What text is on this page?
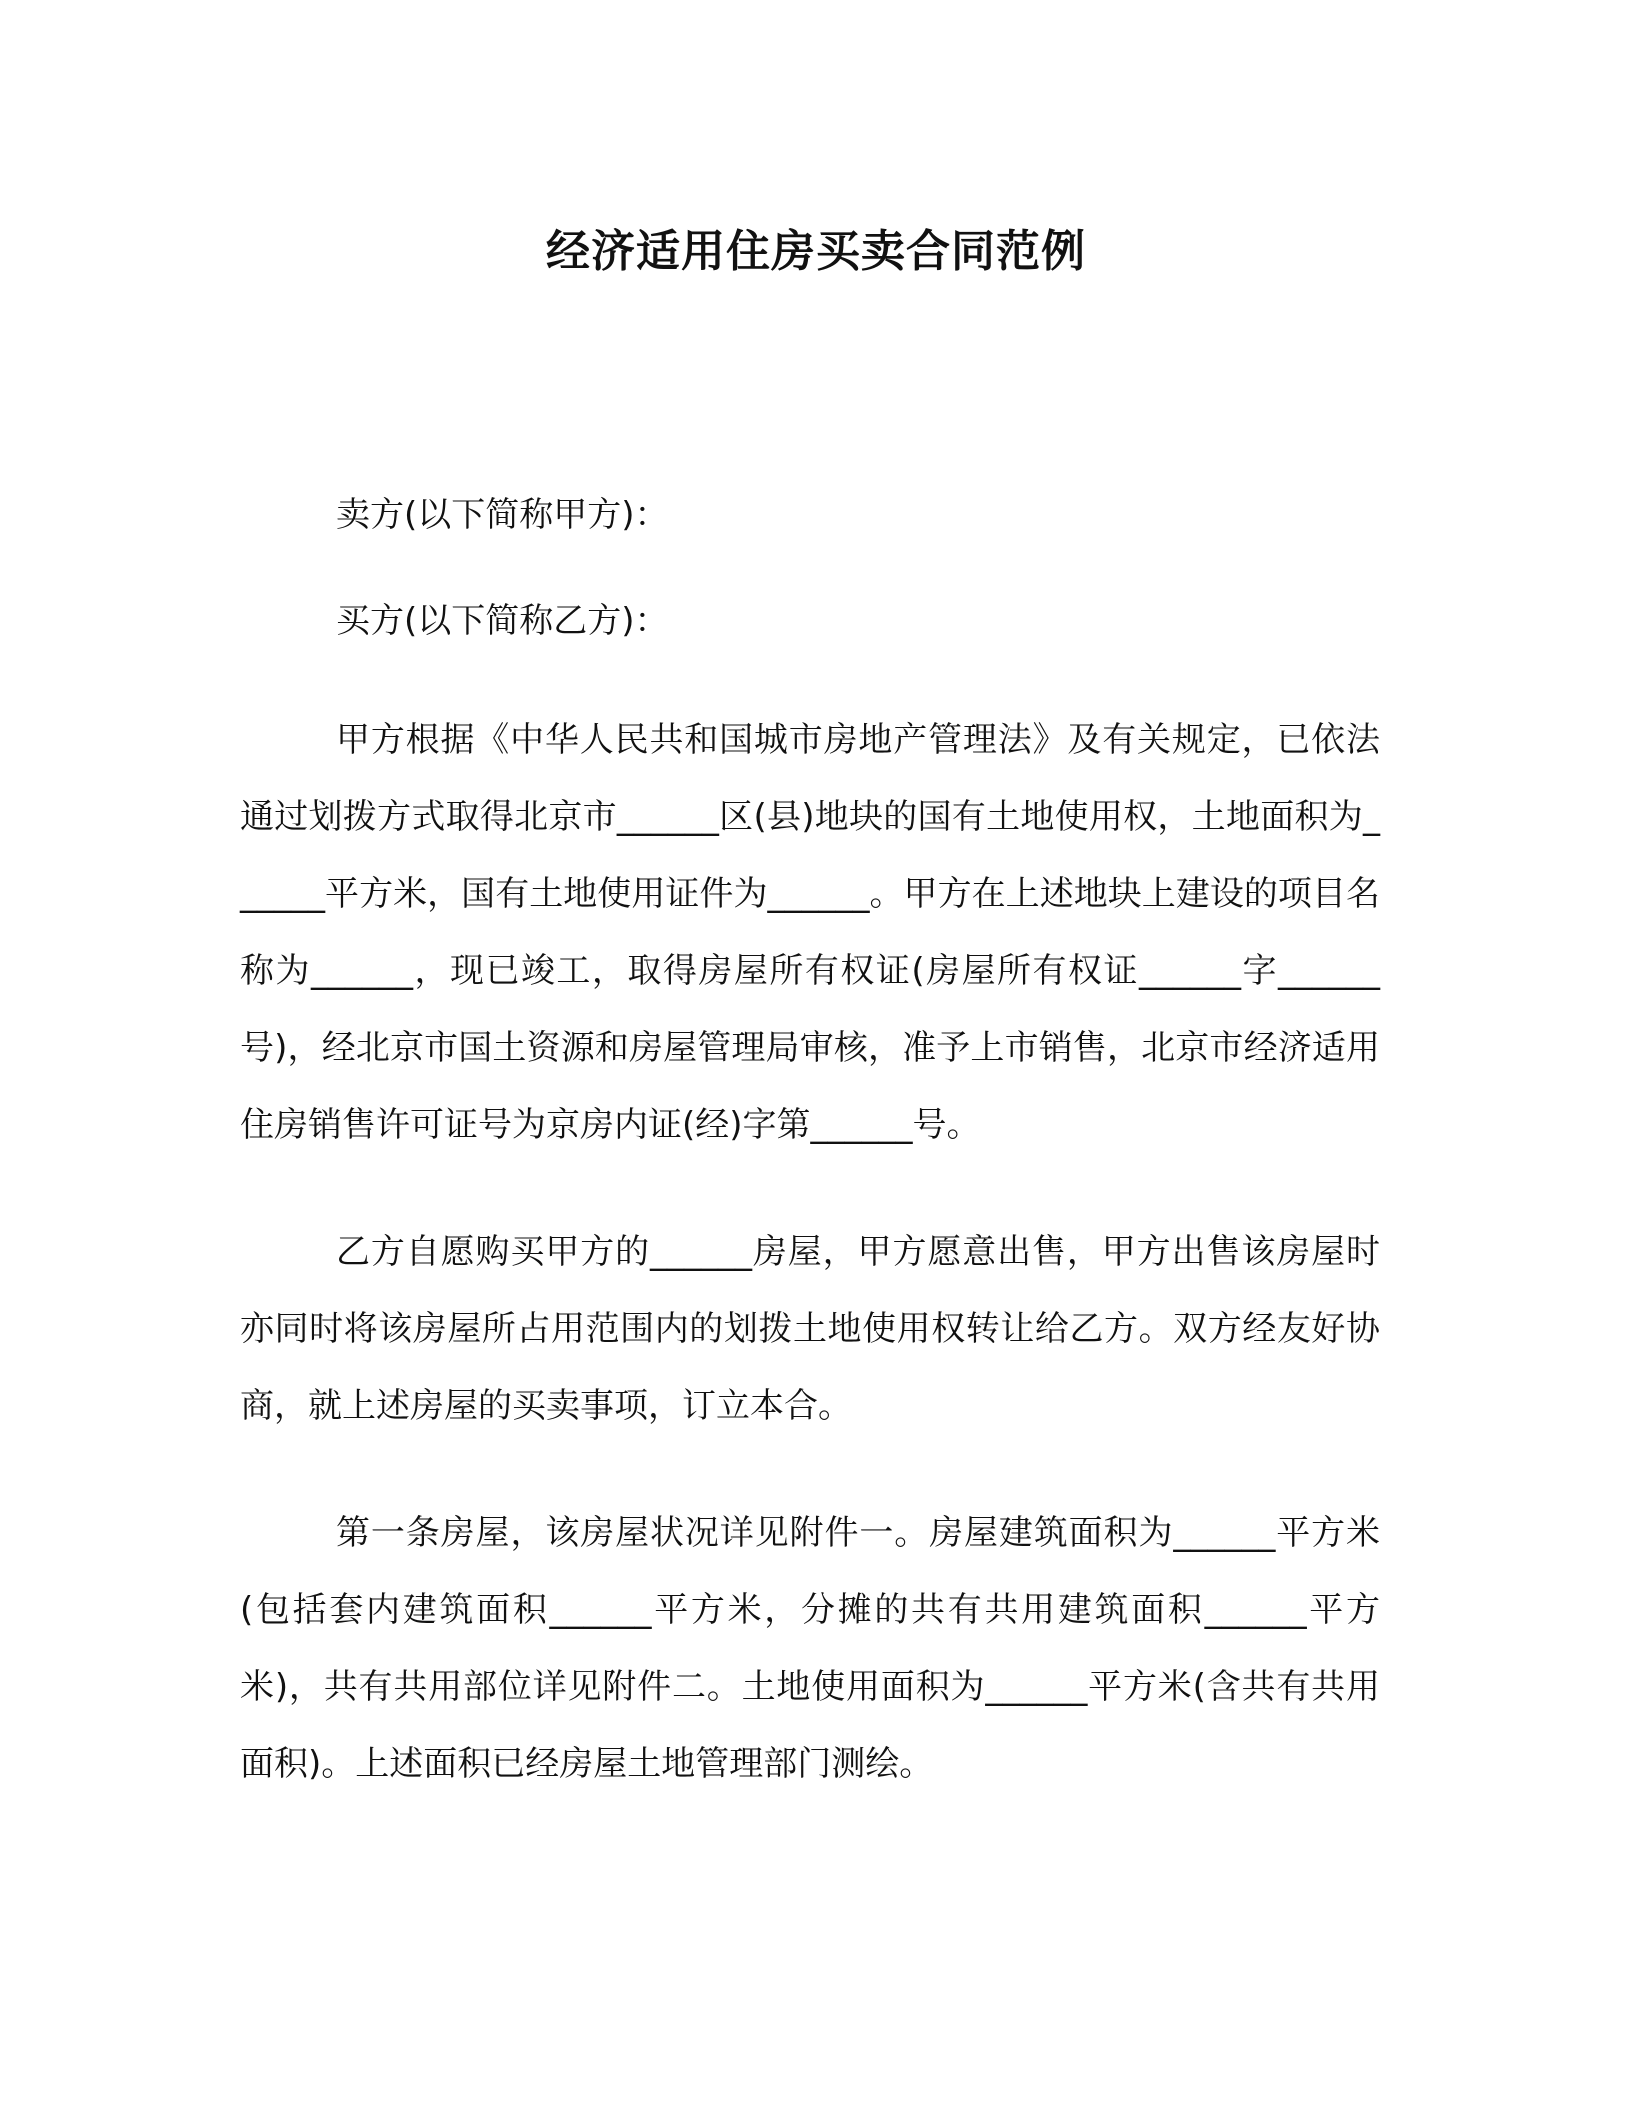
经济适用住房买卖合同范例

卖方(以下简称甲方)：

买方(以下简称乙方)：

甲方根据《中华人民共和国城市房地产管理法》及有关规定，已依法通过划拨方式取得北京市______区(县)地块的国有土地使用权，土地面积为______平方米，国有土地使用证件为______。甲方在上述地块上建设的项目名称为______，现已竣工，取得房屋所有权证(房屋所有权证______字______号)，经北京市国土资源和房屋管理局审核，准予上市销售，北京市经济适用住房销售许可证号为京房内证(经)字第______号。

乙方自愿购买甲方的______房屋，甲方愿意出售，甲方出售该房屋时亦同时将该房屋所占用范围内的划拨土地使用权转让给乙方。双方经友好协商，就上述房屋的买卖事项，订立本合。

第一条房屋，该房屋状况详见附件一。房屋建筑面积为______平方米(包括套内建筑面积______平方米，分摊的共有共用建筑面积______平方米)，共有共用部位详见附件二。土地使用面积为______平方米(含共有共用面积)。上述面积已经房屋土地管理部门测绘。
